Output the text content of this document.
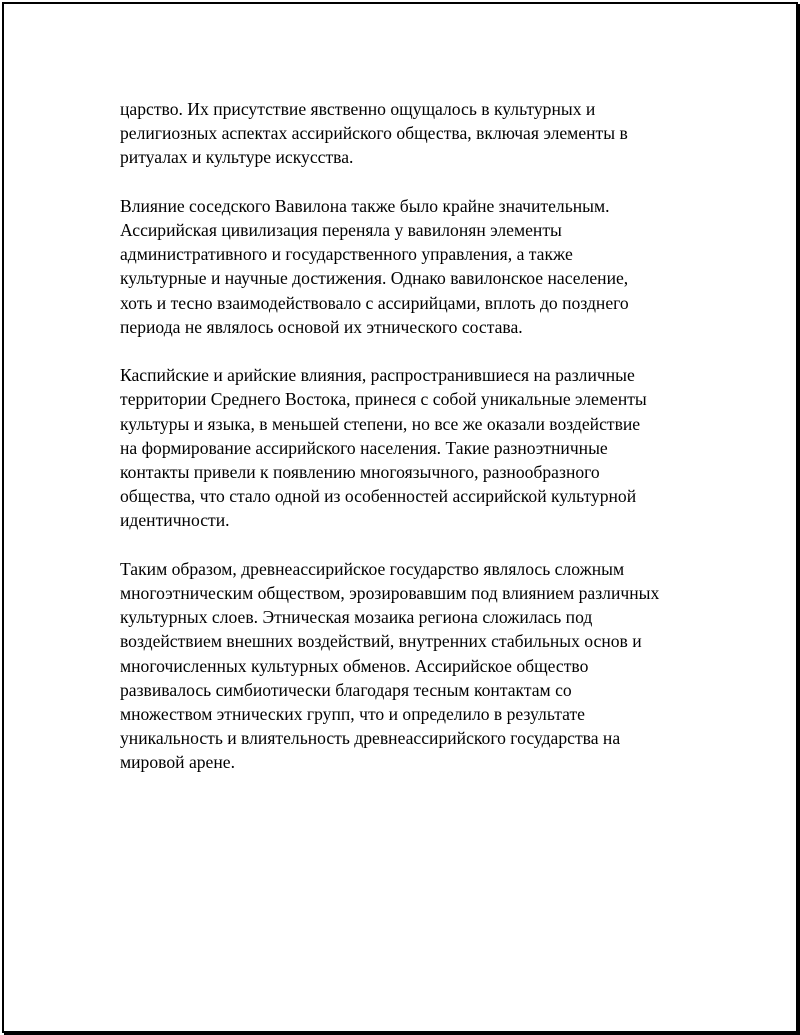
царство. Их присутствие явственно ощущалось в культурных и
религиозных аспектах ассирийского общества, включая элементы в
ритуалах и культуре искусства.

Влияние соседского Вавилона также было крайне значительным.
Ассирийская цивилизация переняла у вавилонян элементы
административного и государственного управления, а также
культурные и научные достижения. Однако вавилонское население,
хоть и тесно взаимодействовало с ассирийцами, вплоть до позднего
периода не являлось основой их этнического состава.

Каспийские и арийские влияния, распространившиеся на различные
территории Среднего Востока, принеся с собой уникальные элементы
культуры и языка, в меньшей степени, но все же оказали воздействие
на формирование ассирийского населения. Такие разноэтничные
контакты привели к появлению многоязычного, разнообразного
общества, что стало одной из особенностей ассирийской культурной
идентичности.

Таким образом, древнеассирийское государство являлось сложным
многоэтническим обществом, эрозировавшим под влиянием различных
культурных слоев. Этническая мозаика региона сложилась под
воздействием внешних воздействий, внутренних стабильных основ и
многочисленных культурных обменов. Ассирийское общество
развивалось симбиотически благодаря тесным контактам со
множеством этнических групп, что и определило в результате
уникальность и влиятельность древнеассирийского государства на
мировой арене.
